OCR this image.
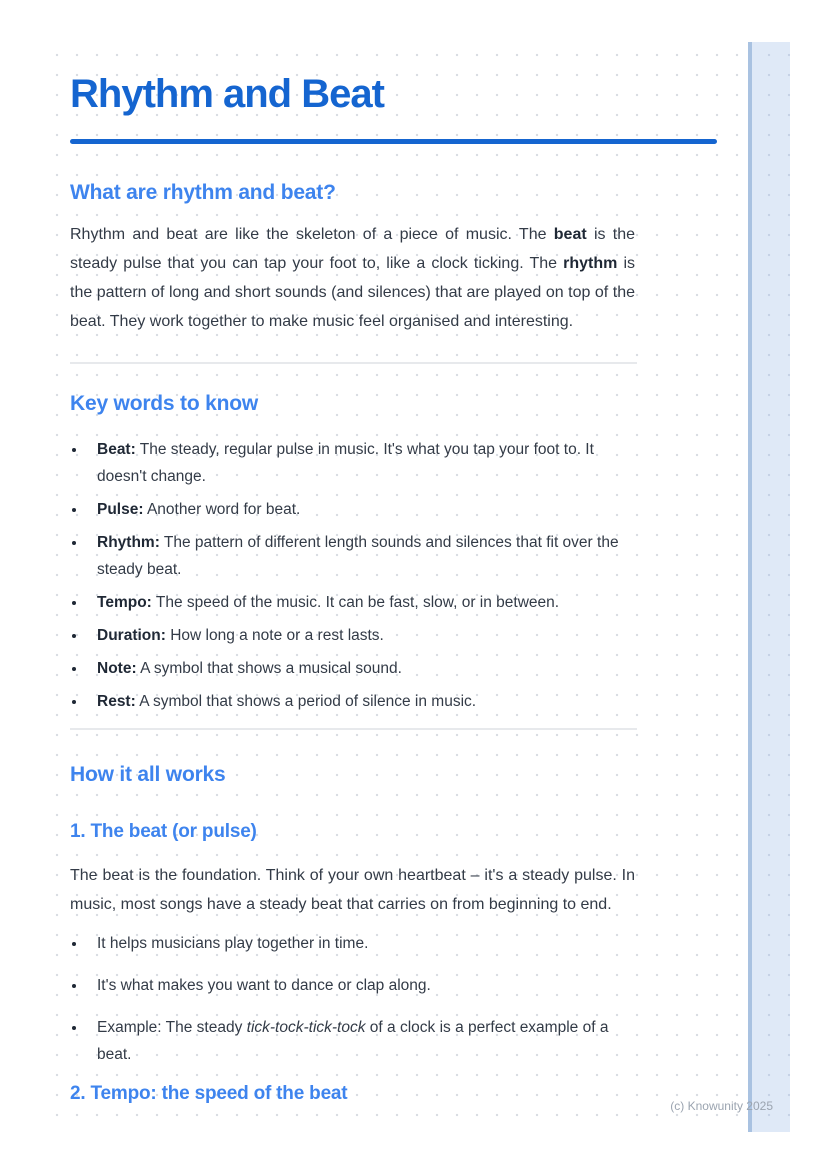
Rhythm and Beat
What are rhythm and beat?

Rhythm and beat are like the skeleton of a piece of music. The beat is the steady pulse that you can tap your foot to, like a clock ticking. The rhythm is the pattern of long and short sounds (and silences) that are played on top of the beat. They work together to make music feel organised and interesting.

Key words to know
• Beat: The steady, regular pulse in music. It's what you tap your foot to. It doesn't change.
• Pulse: Another word for beat.
• Rhythm: The pattern of different length sounds and silences that fit over the steady beat.
• Tempo: The speed of the music. It can be fast, slow, or in between.
• Duration: How long a note or a rest lasts.
• Note: A symbol that shows a musical sound.
• Rest: A symbol that shows a period of silence in music.
How it all works
1. The beat (or pulse)

The beat is the foundation. Think of your own heartbeat – it's a steady pulse. In music, most songs have a steady beat that carries on from beginning to end.

• It helps musicians play together in time.
• It's what makes you want to dance or clap along.
• Example: The steady tick-tock-tick-tock of a clock is a perfect example of a beat.
2. Tempo: the speed of the beat
(c) Knowunity 2025
